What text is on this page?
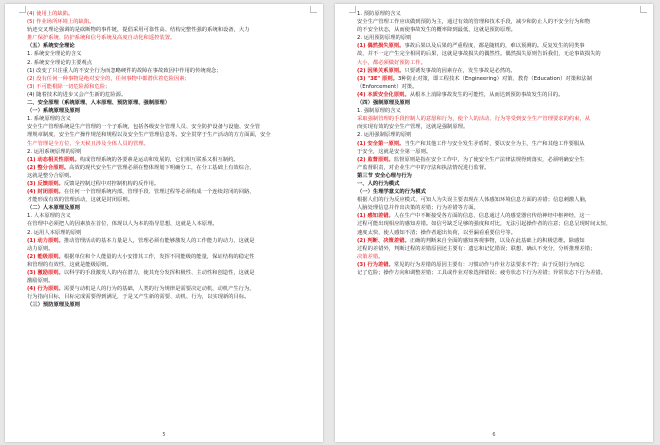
(4) 使用上的缺陷。
(5) 作业场所环境上的缺陷。
轨迹交叉理论强调的是砍断物的事件链，提倡采用可靠性高、结构完整性强的系统和设备，大力
推广保护系统、防护系统和信号系统及高度自动化和遥控装置。
（五）系统安全理论
1. 系统安全理论的含义
2. 系统安全理论的主要观点
(1) 改变了只注重人的不安全行为而忽略硬件的故障在事故致因中作用的传统观念；
(2) 没有任何一种事物是绝对安全的，任何事物中都潜伏着危险因素；
(3) 不可能根除一切危险源和危险；
(4) 随着技术的进步又会产生新的危险源。
二、安全原理（系统原理、人本原理、预防原理、强制原理）
（一）系统原理及原则
1. 系统原理的含义
安全生产管理系统是生产管理的一个子系统，包括各级安全管理人员、安全防护设备与设施、安全管
理规章制度、安全生产操作规范和规程以及安全生产管理信息等。安全贯穿于生产活动的方方面面，安全
生产管理是全方位、全天候且涉及全体人员的管理。
2. 运用系统原理的原则
(1) 动态相关性原则。构成管理系统的各要素是运动和发展的，它们相互联系又相互制约。
(2) 整分合原则。高效的现代安全生产管理必须在整体规划下明确分工，在分工基础上有效综合，
这就是整分合原则。
(3) 反馈原则。反馈是控制过程中对控制机构的反作用。
(4) 封闭原则。在任何一个管理系统内部，管理手段、管理过程等必须构成一个连续封闭的回路，
才能形成有效的管理活动，这就是封闭原则。
（二）人本原理及原则
1. 人本原理的含义
在管理中必须把人的因素放在首位，体现以人为本的指导思想，这就是人本原理。
2. 运用人本原理的原则
(1) 动力原则。推动管理活动的基本力量是人，管理必须有能够激发人的工作能力的动力，这就是
动力原则。
(2) 能级原则。根据单位和个人能量的大小安排其工作，发挥不同能级的能量，保证结构的稳定性
和管理的有效性，这就是能级原则。
(3) 激励原则。以科学的手段激发人的内在潜力，使其充分发挥积极性、主动性和创造性，这就是
激励原则。
(4) 行为原则。需要与动机是人的行为的基础，人类的行为规律是需要决定动机，动机产生行为，
行为指向目标，目标完成需要得到满足，于是又产生新的需要、动机、行为，以实现新的目标。
（三）预防原理及原则
5
1. 预防原理的含义
安全生产管理工作应该做到预防为主，通过有效的管理和技术手段，减少和防止人的不安全行为和物
的不安全状态，从而使事故发生的概率降到最低，这就是预防原理。
2. 运用预防原理的原则
(1) 偶然损失原则。事故后果以及后果的严重程度，都是随机的，难以预测的。反复发生的同类事
故，并不一定产生完全相同的后果，这就是事故损失的偶然性。偶然损失原则告诉我们，无论事故损失的
大小，都必须做好预防工作。
(2) 因果关系原则。只要诱发事故的因素存在，发生事故是必然的。
(3) "3E" 原则。3种防止对策，即工程技术（Engineering）对策、教育（Education）对策和法制
（Enforcement）对策。
(4) 本质安全化原则。从根本上消除事故发生的可能性，从而达到预防事故发生的目的。
（四）强制原理及原则
1. 强制原理的含义
采取强制管理的手段控制人的意愿和行为，使个人的活动、行为等受到安全生产管理要求的约束，从
而实现有效的安全生产管理，这就是强制原理。
2. 运用强制原理的原则
(1) 安全第一原则。当生产和其他工作与安全发生矛盾时，要以安全为主，生产和其他工作要服从
于安全，这就是安全第一原则。
(2) 监督原则。监督原则是指在安全工作中，为了使安全生产法律法规得到落实，必须明确安全生
产监督职责，对企业生产中的守法和执法情况进行监督。
第三节 安全心理与行为
一、人的行为模式
（一）生理学意义的行为模式
根据人们的行为反应模式，可知人为失误主要表现在人体感知环境信息方面的差错；信息刺激人脑，
人脑处理信息并作出决策的差错；行为差错等方面。
(1) 感知差错。人在生产中不断接受各方面的信息，信息通过人的感觉器官传给神经中枢神经，这一
过程可能出现相应的感知差错。如信号缺乏足够的强度和对比，无法引起操作者的注意；信息呈现时间太短，
速度太快，使人感知不清；操作者超出负荷，以至漏看重要信号等。
(2) 判断、决策差错。正确的判断来自全面的感知客观事物，以及在此基础上的积极思维。除感知
过程的差错外，判断过程的差错原因还主要有：遗忘和记忆错误；联想、确认不充分，分析推理差错；
决策差错。
(3) 行为差错。常见的行为差错的原因主要有：习惯动作与作业方法要求不符；由于反射行为而忘
记了危险；操作方向和调整差错；工具或作业对象选择错误；疲劳状态下行为差错；异常状态下行为差错。
6
